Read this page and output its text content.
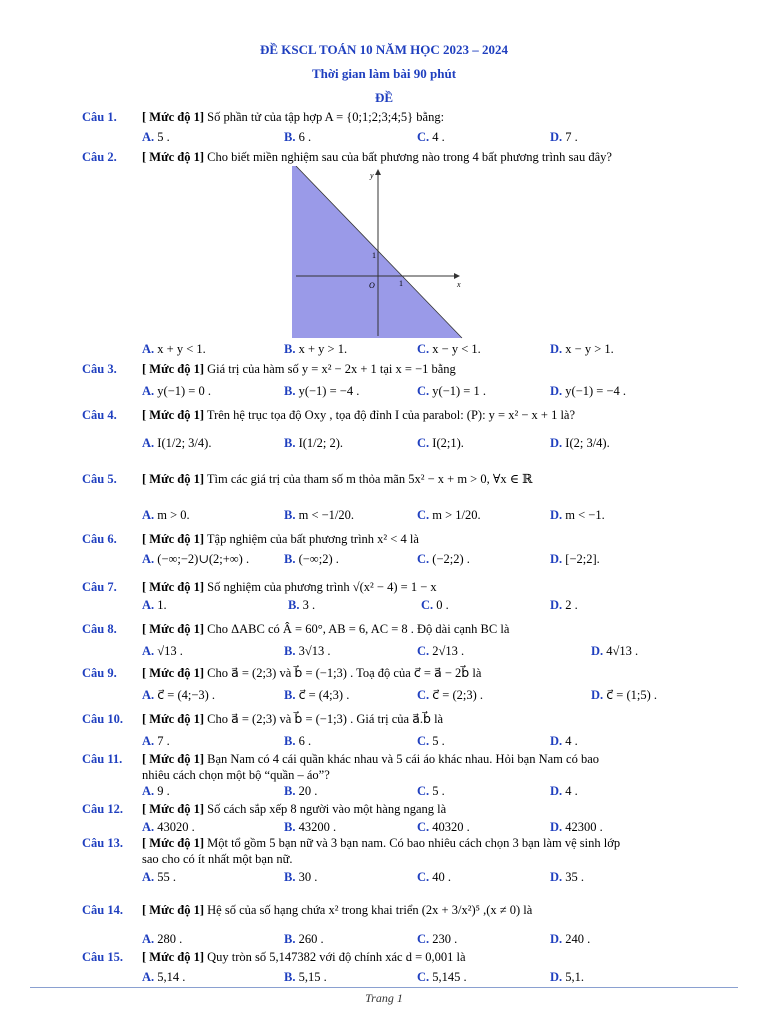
ĐỀ KSCL TOÁN 10 NĂM HỌC 2023 – 2024
Thời gian làm bài 90 phút
ĐỀ
Câu 1. [ Mức độ 1] Số phần tử của tập hợp A = {0;1;2;3;4;5} bằng:
A. 5 .	B. 6 .	C. 4 .	D. 7 .
Câu 2. [ Mức độ 1] Cho biết miền nghiệm sau của bất phương nào trong 4 bất phương trình sau đây?
A. x + y < 1.	B. x + y > 1.	C. x − y < 1.	D. x − y > 1.
Câu 3. [ Mức độ 1] Giá trị của hàm số y = x² − 2x + 1 tại x = −1 bằng
A. y(−1) = 0 .	B. y(−1) = −4 .	C. y(−1) = 1 .	D. y(−1) = −4 .
Câu 4. [ Mức độ 1] Trên hệ trục tọa độ Oxy , tọa độ đỉnh I của parabol: (P): y = x² − x + 1 là?
A. I(1/2; 3/4).	B. I(1/2; 2).	C. I(2;1).	D. I(2; 3/4).
Câu 5. [ Mức độ 1] Tìm các giá trị của tham số m thỏa mãn 5x² − x + m > 0, ∀x ∈ ℝ
A. m > 0.	B. m < −1/20.	C. m > 1/20.	D. m < −1.
Câu 6. [ Mức độ 1] Tập nghiệm của bất phương trình x² < 4 là
A. (−∞;−2)∪(2;+∞) .	B. (−∞;2) .	C. (−2;2) .	D. [−2;2].
Câu 7. [ Mức độ 1] Số nghiệm của phương trình √(x² − 4) = 1 − x
A. 1.	B. 3 .	C. 0 .	D. 2 .
Câu 8. [ Mức độ 1] Cho ΔABC có Â = 60°, AB = 6, AC = 8 . Độ dài cạnh BC là
A. √13 .	B. 3√13 .	C. 2√13 .	D. 4√13 .
Câu 9. [ Mức độ 1] Cho a⃗ = (2;3) và b⃗ = (−1;3) . Toạ độ của c⃗ = a⃗ − 2b⃗ là
A. c⃗ = (4;−3) .	B. c⃗ = (4;3) .	C. c⃗ = (2;3) .	D. c⃗ = (1;5) .
Câu 10. [ Mức độ 1] Cho a⃗ = (2;3) và b⃗ = (−1;3) . Giá trị của a⃗.b⃗ là
A. 7 .	B. 6 .	C. 5 .	D. 4 .
Câu 11. [ Mức độ 1] Bạn Nam có 4 cái quần khác nhau và 5 cái áo khác nhau. Hỏi bạn Nam có bao
nhiêu cách chọn một bộ “quần – áo”?
A. 9 .	B. 20 .	C. 5 .	D. 4 .
Câu 12. [ Mức độ 1] Số cách sắp xếp 8 người vào một hàng ngang là
A. 43020 .	B. 43200 .	C. 40320 .	D. 42300 .
Câu 13. [ Mức độ 1] Một tổ gồm 5 bạn nữ và 3 bạn nam. Có bao nhiêu cách chọn 3 bạn làm vệ sinh lớp
sao cho có ít nhất một bạn nữ.
A. 55 .	B. 30 .	C. 40 .	D. 35 .
Câu 14. [ Mức độ 1] Hệ số của số hạng chứa x² trong khai triển (2x + 3/x²)⁵ ,(x ≠ 0) là
A. 280 .	B. 260 .	C. 230 .	D. 240 .
Câu 15. [ Mức độ 1] Quy tròn số 5,147382 với độ chính xác d = 0,001 là
A. 5,14 .	B. 5,15 .	C. 5,145 .	D. 5,1.
y
x
O
1
1
Trang 1
